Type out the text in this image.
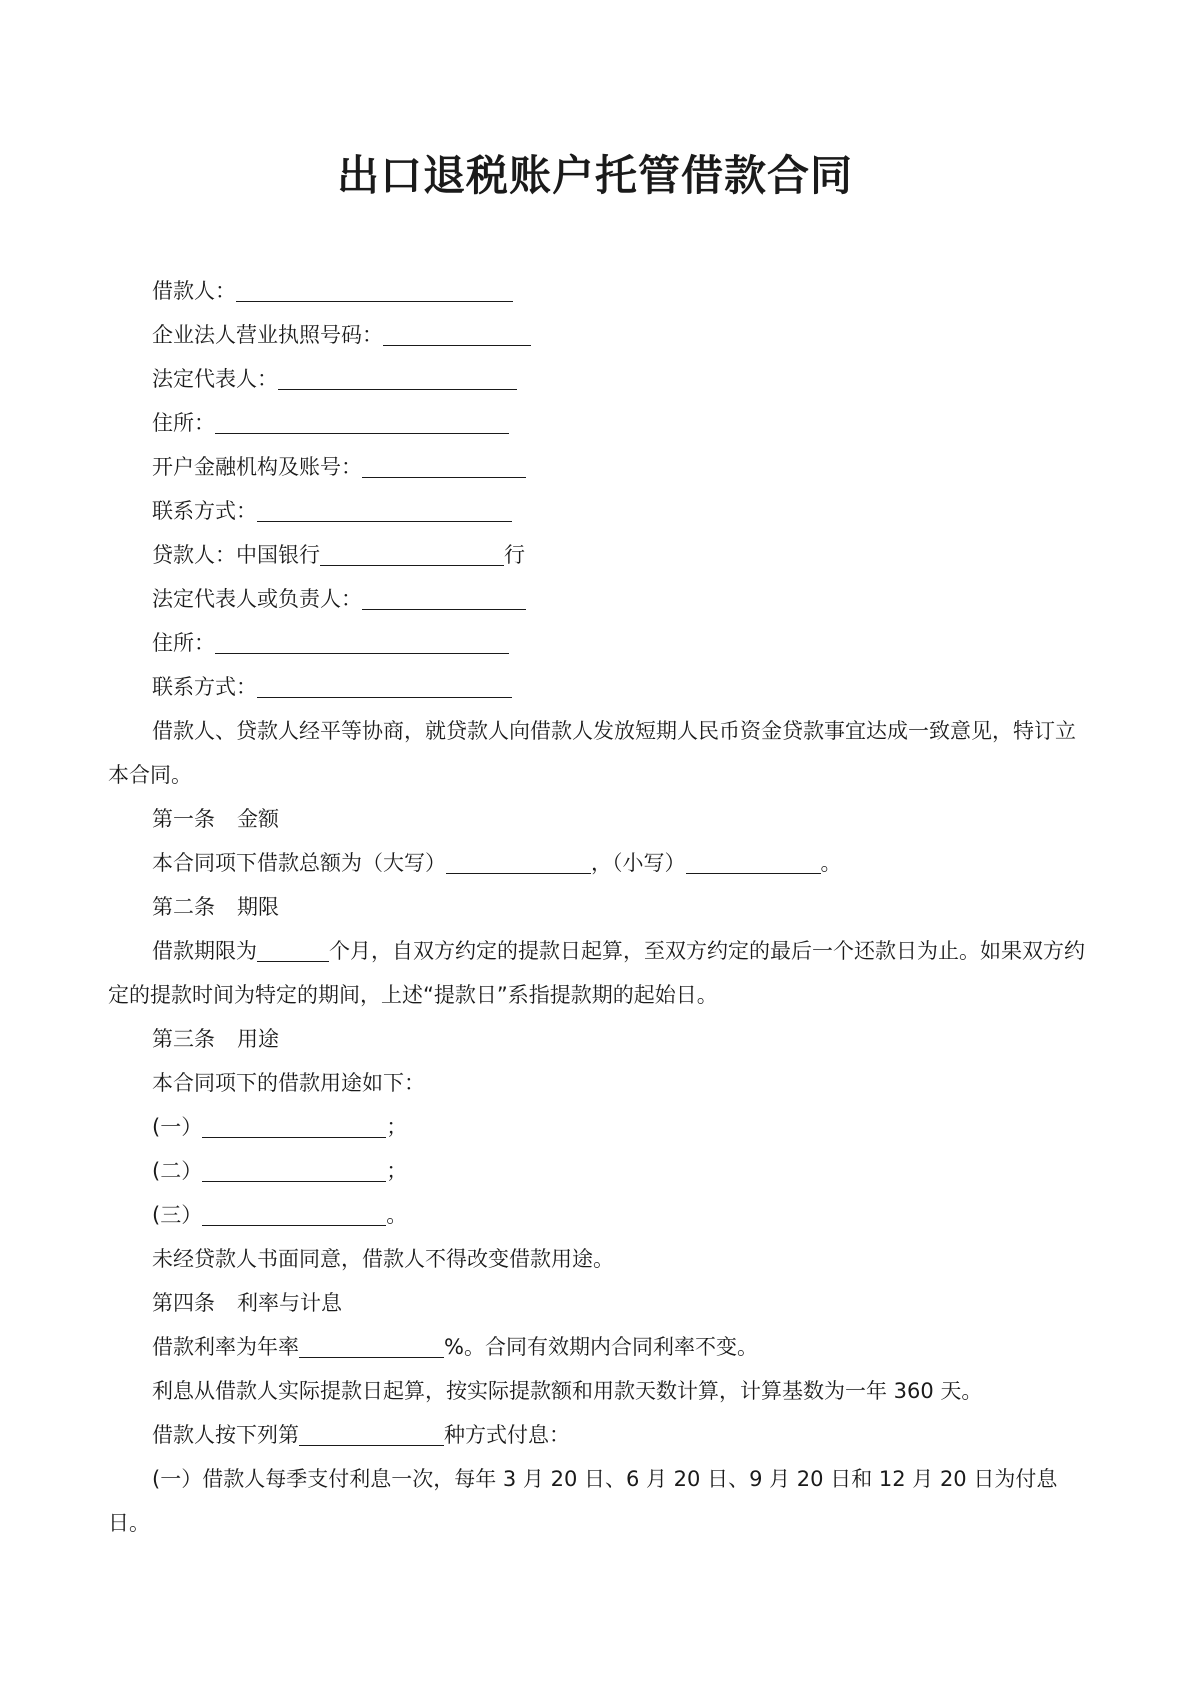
出口退税账户托管借款合同
借款人：
企业法人营业执照号码：
法定代表人：
住所：
开户金融机构及账号：
联系方式：
贷款人：中国银行	行
法定代表人或负责人：
住所：
联系方式：

借款人、贷款人经平等协商，就贷款人向借款人发放短期人民币资金贷款事宜达成一致意见，特订立本合同。

第一条 金额
本合同项下借款总额为（大写）	，（小写）	。
第二条 期限

借款期限为	个月，自双方约定的提款日起算，至双方约定的最后一个还款日为止。如果双方约定的提款时间为特定的期间，上述“提款日”系指提款期的起始日。

第三条 用途
本合同项下的借款用途如下：
(一）	；
(二）	；
(三）	。
未经贷款人书面同意，借款人不得改变借款用途。
第四条 利率与计息
借款利率为年率	%。合同有效期内合同利率不变。
利息从借款人实际提款日起算，按实际提款额和用款天数计算，计算基数为一年 360 天。
借款人按下列第	种方式付息：

(一）借款人每季支付利息一次，每年 3 月 20 日、6 月 20 日、9 月 20 日和 12 月 20 日为付息日。
